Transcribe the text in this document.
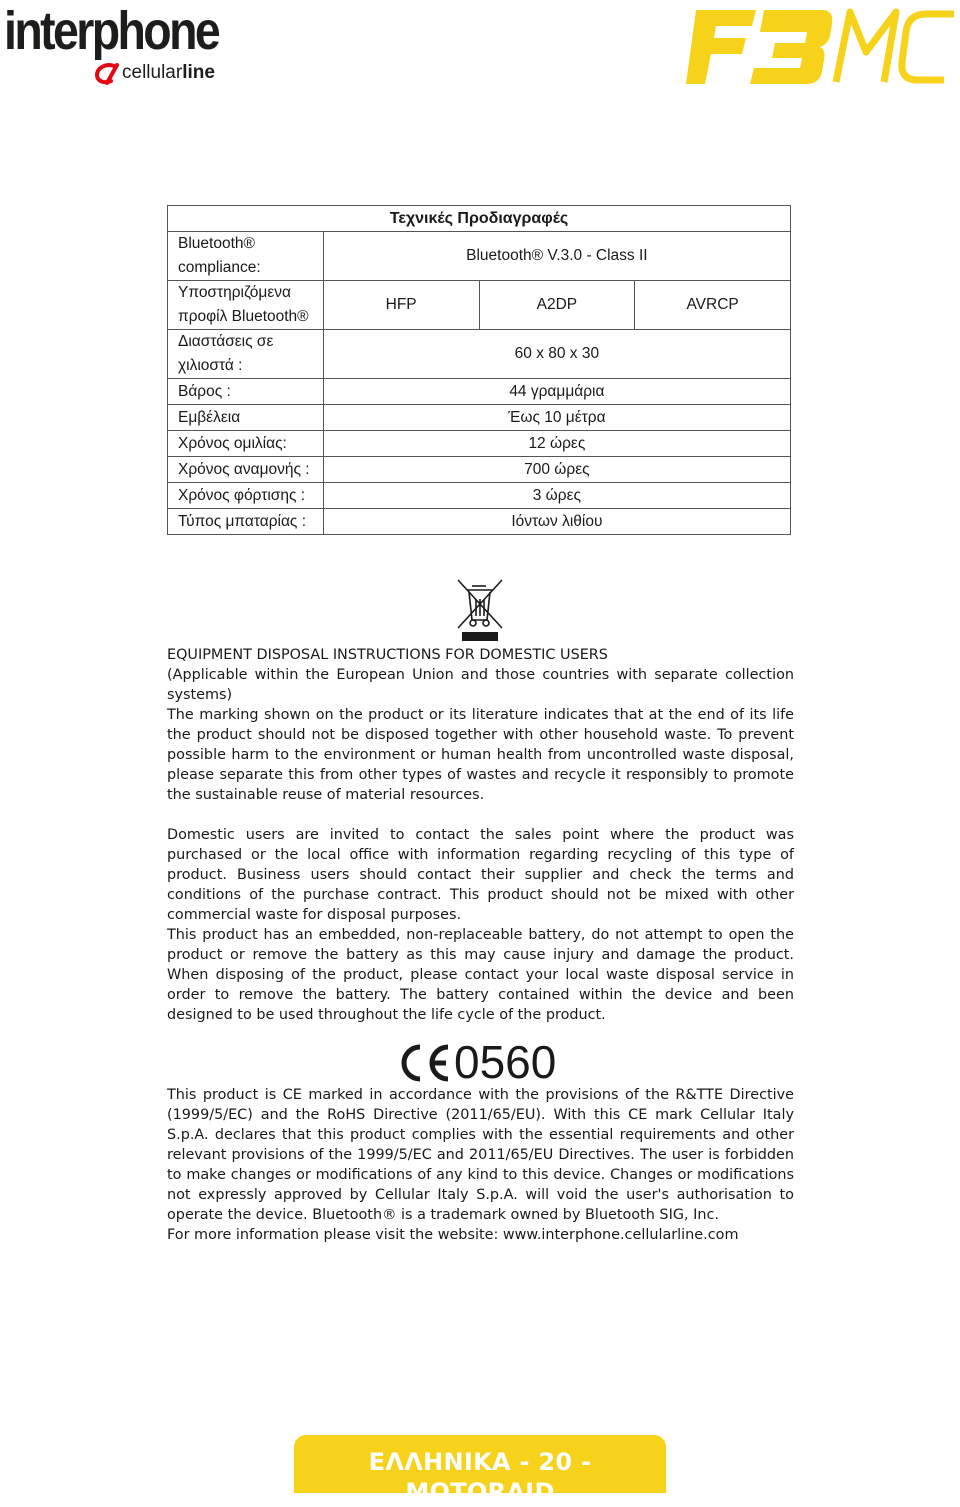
interphone
cellularline
Τεχνικές Προδιαγραφές			
Bluetooth® compliance:	Bluetooth® V.3.0 - Class II		
Υποστηριζόμενα προφίλ Bluetooth®	HFP	A2DP	AVRCP
Διαστάσεις σε χιλιοστά :	60 x 80 x 30		
Βάρος :	44 γραμμάρια		
Εμβέλεια	Έως 10 μέτρα		
Χρόνος ομιλίας:	12 ώρες		
Χρόνος αναμονής :	700 ώρες		
Χρόνος φόρτισης :	3 ώρες		
Τύπος μπαταρίας :	Ιόντων λιθίου		

EQUIPMENT DISPOSAL INSTRUCTIONS FOR DOMESTIC USERS

(Applicable within the European Union and those countries with separate collection systems)

The marking shown on the product or its literature indicates that at the end of its life the product should not be disposed together with other household waste. To prevent possible harm to the environment or human health from uncontrolled waste disposal, please separate this from other types of wastes and recycle it responsibly to promote the sustainable reuse of material resources.

Domestic users are invited to contact the sales point where the product was purchased or the local office with information regarding recycling of this type of product. Business users should contact their supplier and check the terms and conditions of the purchase contract. This product should not be mixed with other commercial waste for disposal purposes.

This product has an embedded, non-replaceable battery, do not attempt to open the product or remove the battery as this may cause injury and damage the product. When disposing of the product, please contact your local waste disposal service in order to remove the battery. The battery contained within the device and been designed to be used throughout the life cycle of the product.

0560

This product is CE marked in accordance with the provisions of the R&TTE Directive (1999/5/EC) and the RoHS Directive (2011/65/EU). With this CE mark Cellular Italy S.p.A. declares that this product complies with the essential requirements and other relevant provisions of the 1999/5/EC and 2011/65/EU Directives. The user is forbidden to make changes or modifications of any kind to this device. Changes or modifications not expressly approved by Cellular Italy S.p.A. will void the user's authorisation to operate the device. Bluetooth® is a trademark owned by Bluetooth SIG, Inc.

For more information please visit the website: www.interphone.cellularline.com

ΕΛΛΗΝΙΚΑ - 20 - MOTORAID
